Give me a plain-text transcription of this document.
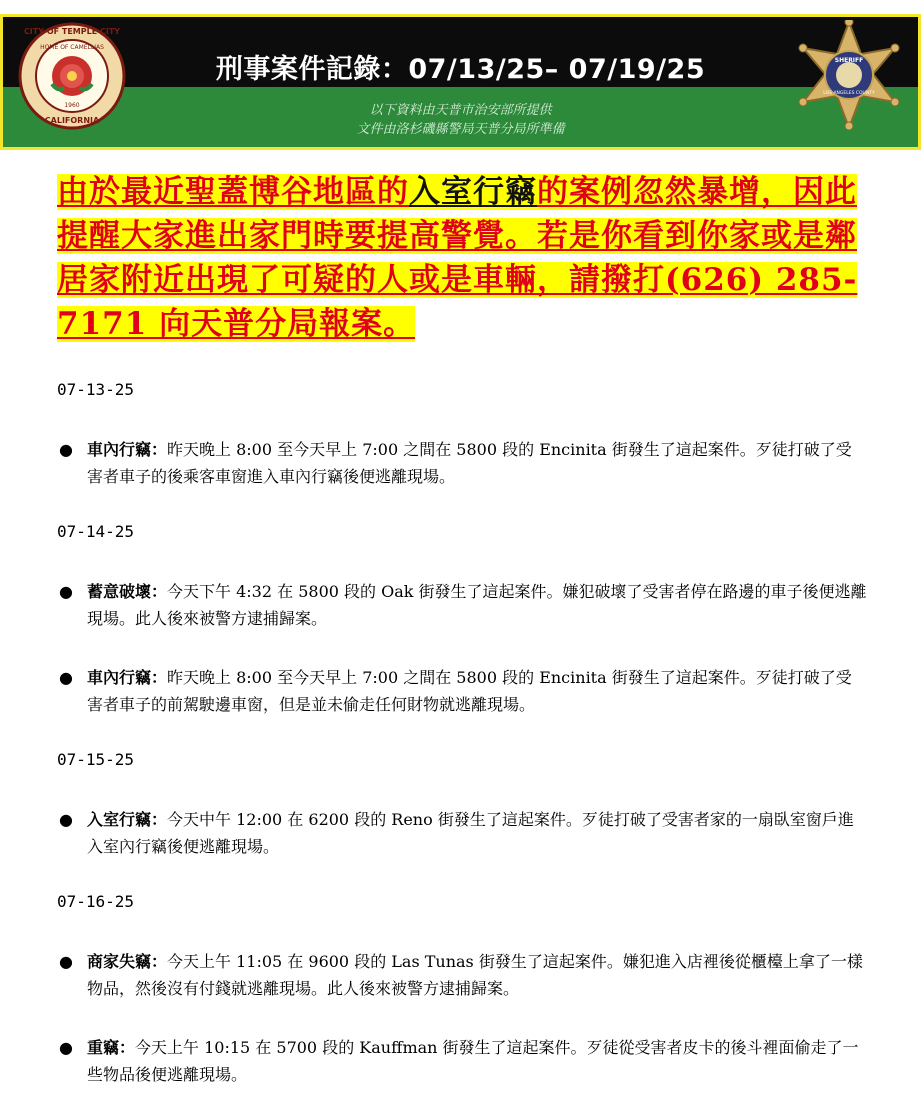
刑事案件記錄：07/13/25– 07/19/25
以下資料由天普市治安部所提供
文件由洛杉磯縣警局天普分局所準備
CITY OF TEMPLE CITY
HOME OF CAMELLIAS
1960
CALIFORNIA
SHERIFF
LOS ANGELES COUNTY
由於最近聖蓋博谷地區的入室行竊的案例忽然暴增，因此提醒大家進出家門時要提高警覺。若是你看到你家或是鄰居家附近出現了可疑的人或是車輛，請撥打(626) 285-7171 向天普分局報案。
07-13-25
● 車內行竊：昨天晚上 8:00 至今天早上 7:00 之間在 5800 段的 Encinita 街發生了這起案件。歹徒打破了受害者車子的後乘客車窗進入車內行竊後便逃離現場。
07-14-25
● 蓄意破壞：今天下午 4:32 在 5800 段的 Oak 街發生了這起案件。嫌犯破壞了受害者停在路邊的車子後便逃離現場。此人後來被警方逮捕歸案。
● 車內行竊：昨天晚上 8:00 至今天早上 7:00 之間在 5800 段的 Encinita 街發生了這起案件。歹徒打破了受害者車子的前駕駛邊車窗，但是並未偷走任何財物就逃離現場。
07-15-25
● 入室行竊：今天中午 12:00 在 6200 段的 Reno 街發生了這起案件。歹徒打破了受害者家的一扇臥室窗戶進入室內行竊後便逃離現場。
07-16-25
● 商家失竊：今天上午 11:05 在 9600 段的 Las Tunas 街發生了這起案件。嫌犯進入店裡後從櫃檯上拿了一樣物品，然後沒有付錢就逃離現場。此人後來被警方逮捕歸案。
● 重竊：今天上午 10:15 在 5700 段的 Kauffman 街發生了這起案件。歹徒從受害者皮卡的後斗裡面偷走了一些物品後便逃離現場。
